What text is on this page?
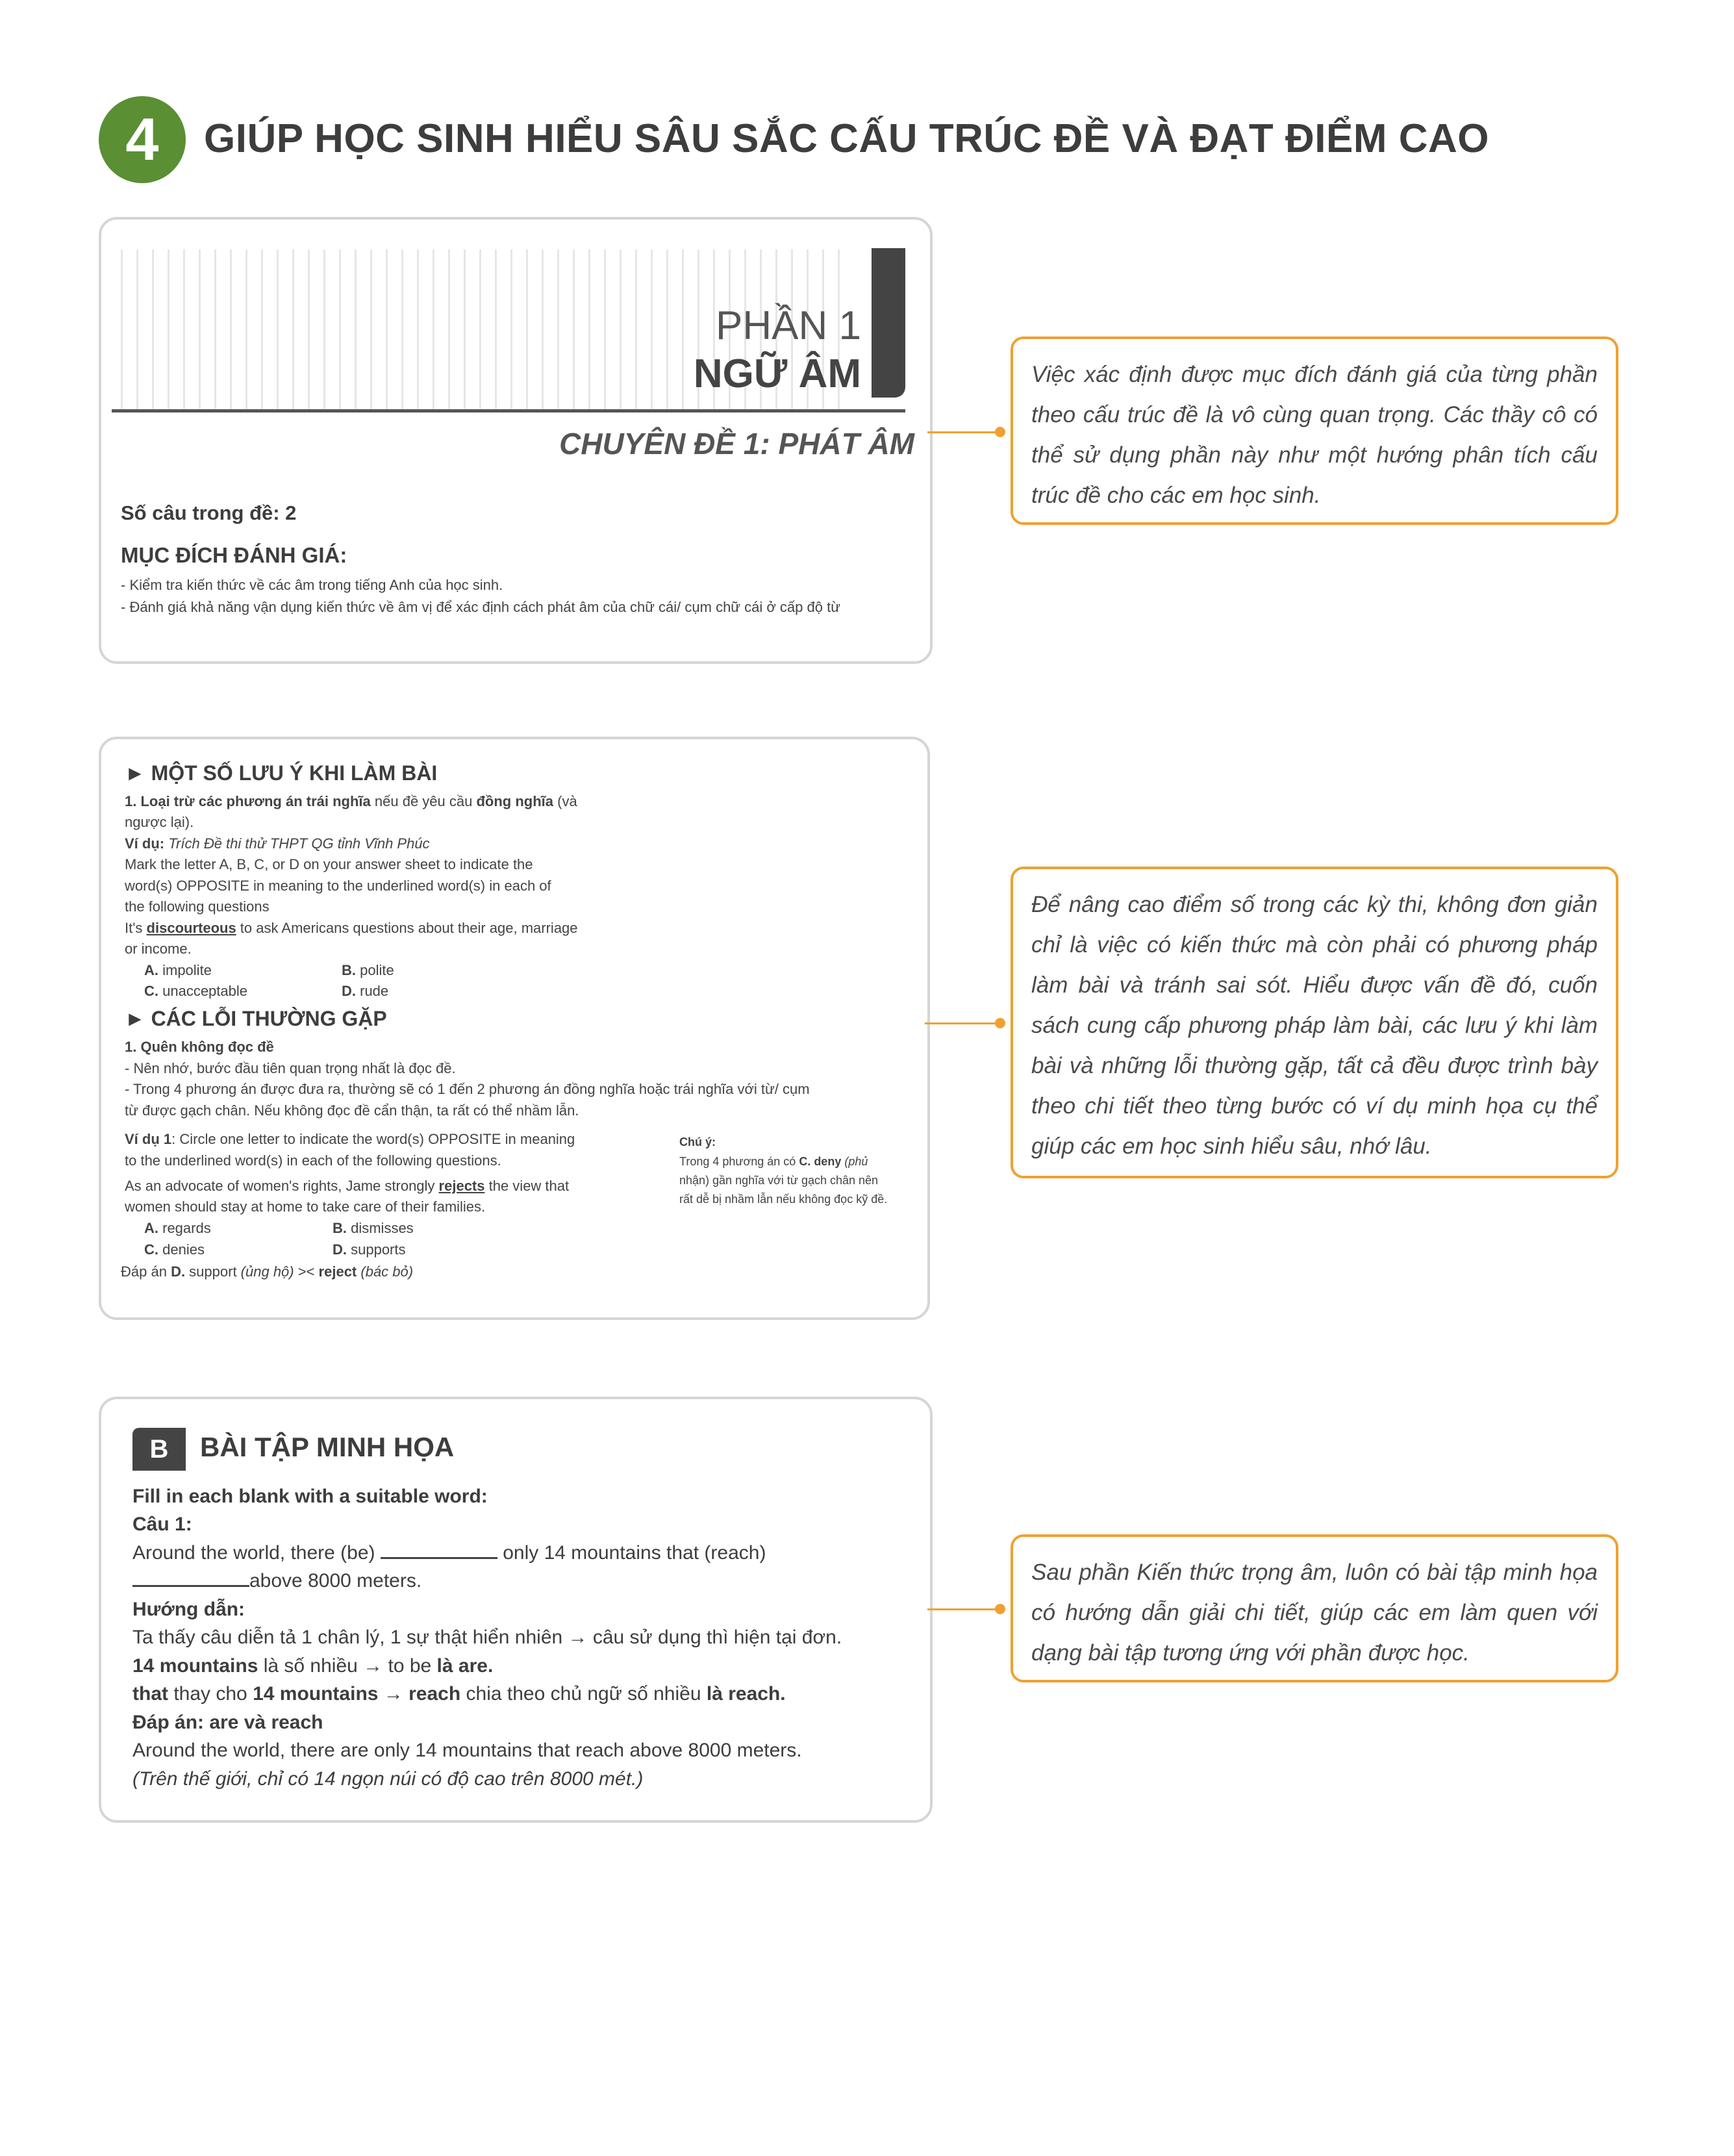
4	GIÚP HỌC SINH HIỂU SÂU SẮC CẤU TRÚC ĐỀ VÀ ĐẠT ĐIỂM CAO
PHẦN 1
NGỮ ÂM
CHUYÊN ĐỀ 1: PHÁT ÂM
Số câu trong đề: 2
MỤC ĐÍCH ĐÁNH GIÁ:
- Kiểm tra kiến thức về các âm trong tiếng Anh của học sinh.
- Đánh giá khả năng vận dụng kiến thức về âm vị để xác định cách phát âm của chữ cái/ cụm chữ cái ở cấp độ từ
► MỘT SỐ LƯU Ý KHI LÀM BÀI
1. Loại trừ các phương án trái nghĩa nếu đề yêu cầu đồng nghĩa (và
ngược lại).
Ví dụ: Trích Đề thi thử THPT QG tỉnh Vĩnh Phúc
Mark the letter A, B, C, or D on your answer sheet to indicate the
word(s) OPPOSITE in meaning to the underlined word(s) in each of
the following questions
It's discourteous to ask Americans questions about their age, marriage
or income.
A. impolite	B. polite
C. unacceptable	D. rude
► CÁC LỖI THƯỜNG GẶP
1. Quên không đọc đề
- Nên nhớ, bước đầu tiên quan trọng nhất là đọc đề.
- Trong 4 phương án được đưa ra, thường sẽ có 1 đến 2 phương án đồng nghĩa hoặc trái nghĩa với từ/ cụm
từ được gạch chân. Nếu không đọc đề cẩn thận, ta rất có thể nhầm lẫn.
Ví dụ 1: Circle one letter to indicate the word(s) OPPOSITE in meaning
to the underlined word(s) in each of the following questions.
As an advocate of women's rights, Jame strongly rejects the view that
women should stay at home to take care of their families.
A. regards	B. dismisses
C. denies	D. supports
Đáp án D. support (ủng hộ) >< reject (bác bỏ)
Chú ý:
Trong 4 phương án có C. deny (phủ
nhận) gần nghĩa với từ gạch chân nên
rất dễ bị nhầm lẫn nếu không đọc kỹ đề.
B	BÀI TẬP MINH HỌA
Fill in each blank with a suitable word:
Câu 1:
Around the world, there (be)	only 14 mountains that (reach)
above 8000 meters.
Hướng dẫn:
Ta thấy câu diễn tả 1 chân lý, 1 sự thật hiển nhiên → câu sử dụng thì hiện tại đơn.
14 mountains là số nhiều → to be là are.
that thay cho 14 mountains → reach chia theo chủ ngữ số nhiều là reach.
Đáp án: are và reach
Around the world, there are only 14 mountains that reach above 8000 meters.
(Trên thế giới, chỉ có 14 ngọn núi có độ cao trên 8000 mét.)
Việc xác định được mục đích đánh giá của từng phần theo cấu trúc đề là vô cùng quan trọng. Các thầy cô có thể sử dụng phần này như một hướng phân tích cấu trúc đề cho các em học sinh.
Để nâng cao điểm số trong các kỳ thi, không đơn giản chỉ là việc có kiến thức mà còn phải có phương pháp làm bài và tránh sai sót. Hiểu được vấn đề đó, cuốn sách cung cấp phương pháp làm bài, các lưu ý khi làm bài và những lỗi thường gặp, tất cả đều được trình bày theo chi tiết theo từng bước có ví dụ minh họa cụ thể giúp các em học sinh hiểu sâu, nhớ lâu.
Sau phần Kiến thức trọng âm, luôn có bài tập minh họa có hướng dẫn giải chi tiết, giúp các em làm quen với dạng bài tập tương ứng với phần được học.
